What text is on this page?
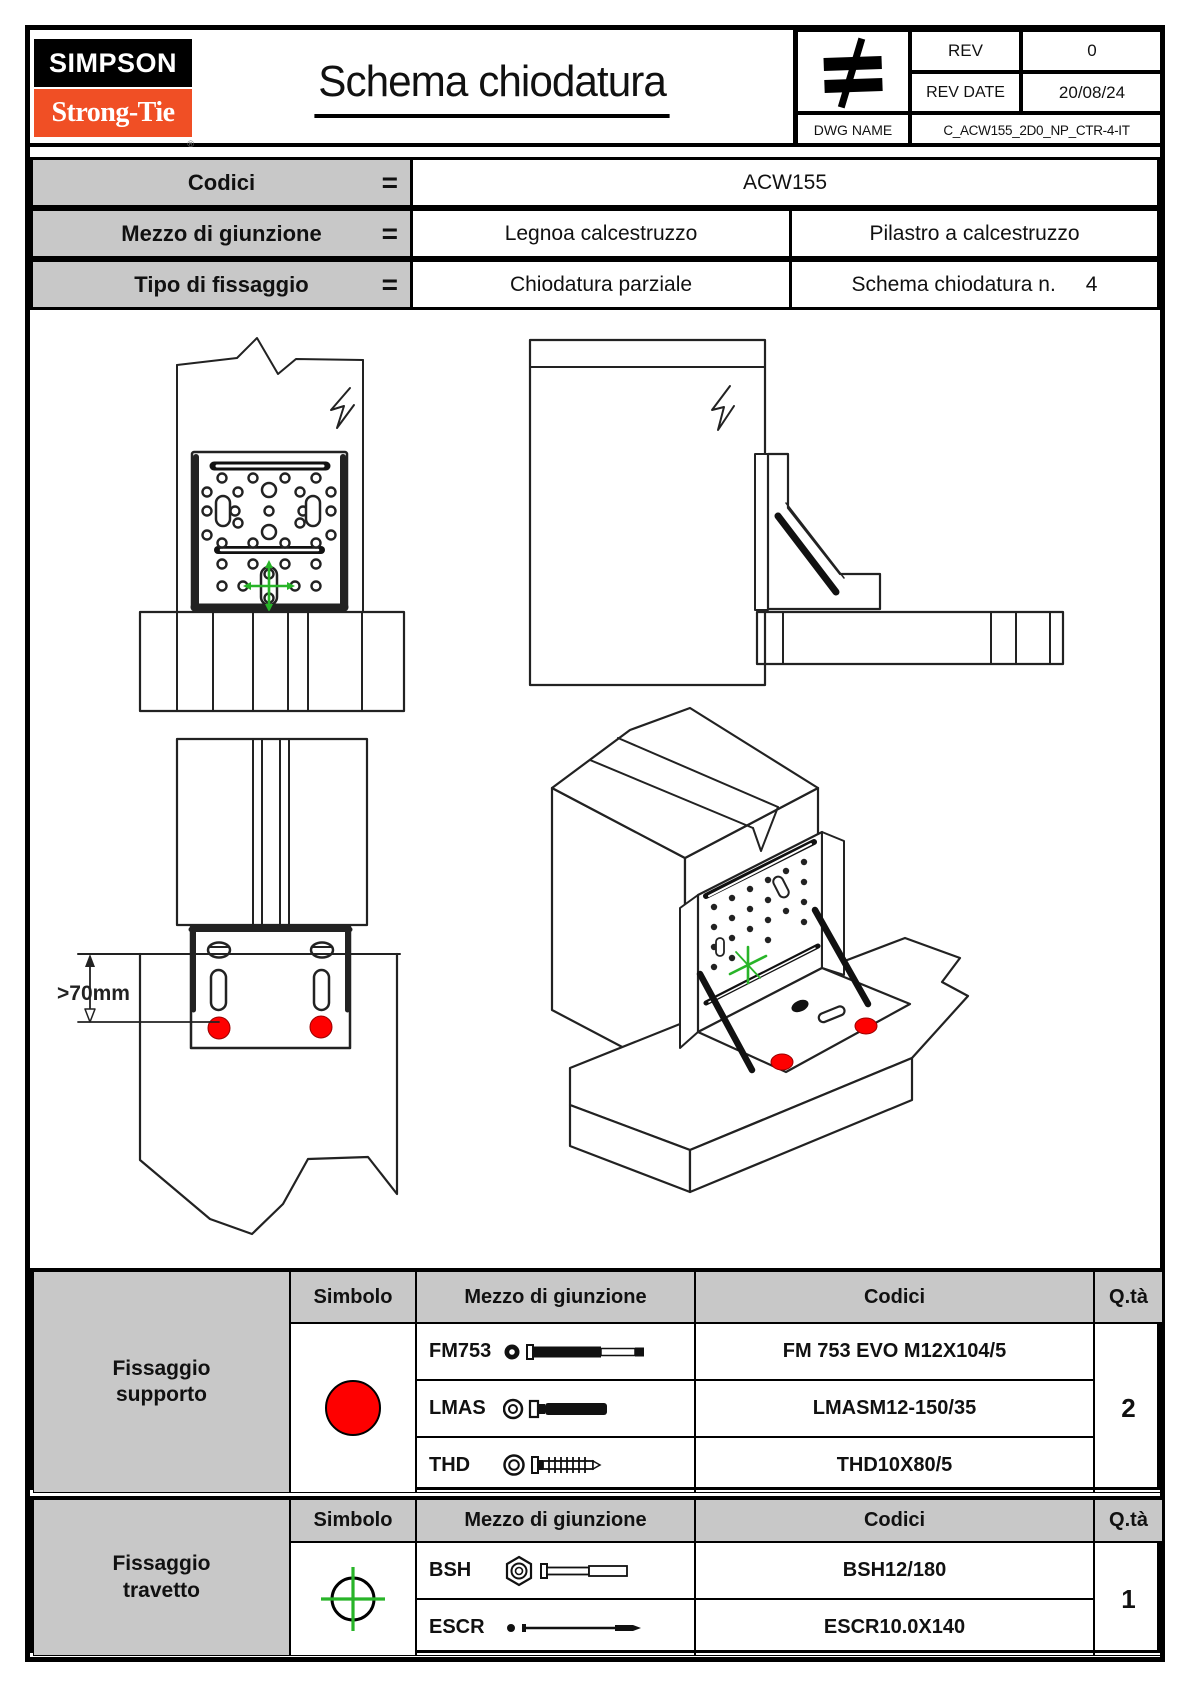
SIMPSON
Strong-Tie
®
Schema chiodatura
REV	0
REV DATE	20/08/24
DWG NAME	C_ACW155_2D0_NP_CTR-4-IT
Codici	=	ACW155
Mezzo di giunzione =	Legnoa calcestruzzo	Pilastro a calcestruzzo
Tipo di fissaggio	=	Chiodatura parziale	Schema chiodatura n. 4
>70mm
Fissaggio supporto
Simbolo	Mezzo di giunzione	Codici	Q.tà
FM753	FM 753 EVO M12X104/5
LMAS	LMASM12-150/35
THD	THD10X80/5
2
Fissaggio travetto
Simbolo	Mezzo di giunzione	Codici	Q.tà
BSH	BSH12/180
ESCR	ESCR10.0X140
1
